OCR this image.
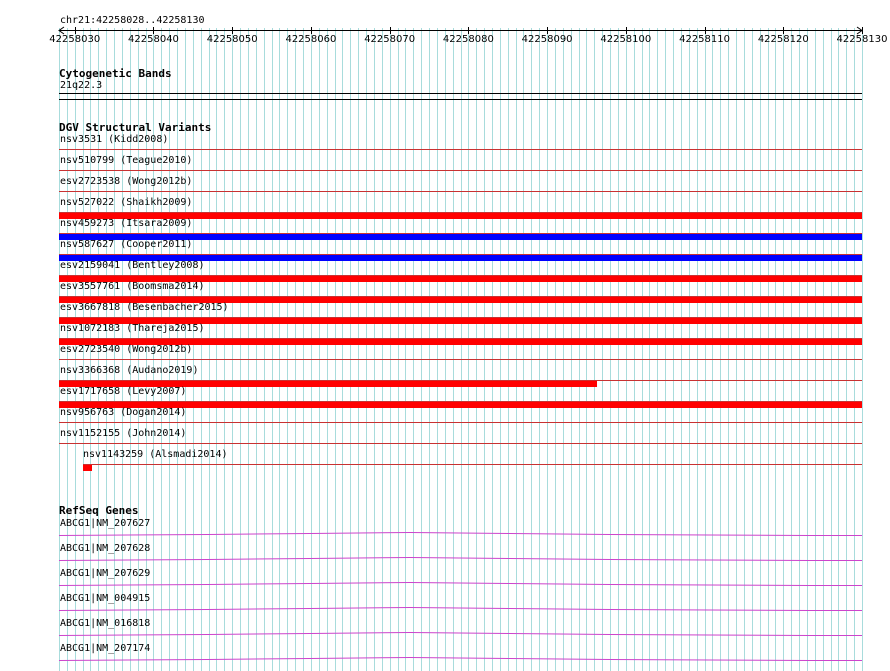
chr21:42258028..42258130
42258030	42258040	42258050	42258060	42258070	42258080	42258090	42258100	42258110	42258120	42258130
Cytogenetic Bands
21q22.3
DGV Structural Variants
nsv3531 (Kidd2008)
nsv510799 (Teague2010)
esv2723538 (Wong2012b)
nsv527022 (Shaikh2009)
nsv459273 (Itsara2009)
nsv587627 (Cooper2011)
esv2159041 (Bentley2008)
esv3557761 (Boomsma2014)
esv3667818 (Besenbacher2015)
nsv1072183 (Thareja2015)
esv2723540 (Wong2012b)
nsv3366368 (Audano2019)
esv1717658 (Levy2007)
nsv956763 (Dogan2014)
nsv1152155 (John2014)
nsv1143259 (Alsmadi2014)
RefSeq Genes
ABCG1|NM_207627
ABCG1|NM_207628
ABCG1|NM_207629
ABCG1|NM_004915
ABCG1|NM_016818
ABCG1|NM_207174
